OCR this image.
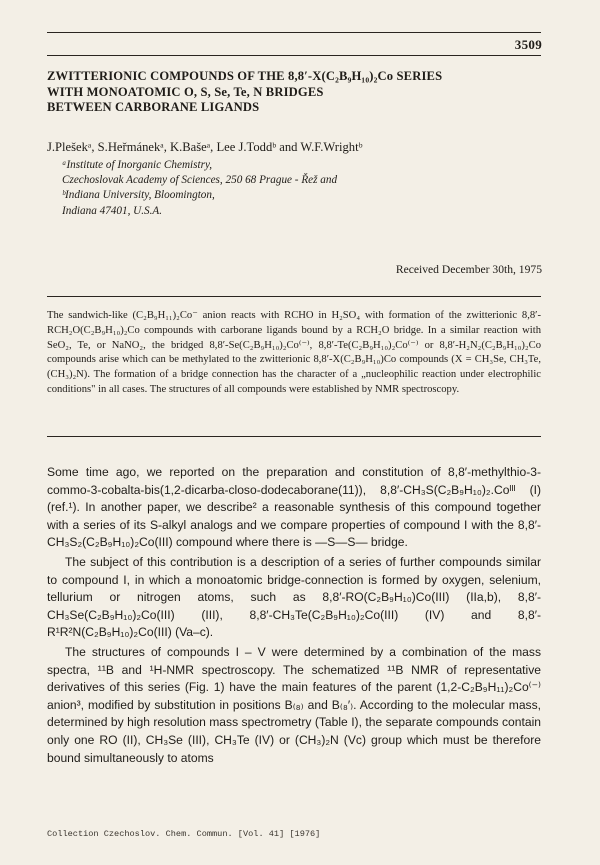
3509
ZWITTERIONIC COMPOUNDS OF THE 8,8′-X(C₂B₉H₁₀)₂Co SERIES
WITH MONOATOMIC O, S, Se, Te, N BRIDGES
BETWEEN CARBORANE LIGANDS
J.Plešekᵃ, S.Heřmánekᵃ, K.Bašeᵃ, Lee J.Toddᵇ and W.F.Wrightᵇ
ᵃInstitute of Inorganic Chemistry,
Czechoslovak Academy of Sciences, 250 68 Prague - Řež and
ᵇIndiana University, Bloomington,
Indiana 47401, U.S.A.
Received December 30th, 1975
The sandwich-like (C₂B₉H₁₁)₂Co⁻ anion reacts with RCHO in H₂SO₄ with formation of the zwitterionic 8,8′-RCH₂O(C₂B₉H₁₀)₂Co compounds with carborane ligands bound by a RCH₂O bridge. In a similar reaction with SeO₂, Te, or NaNO₂, the bridged 8,8′-Se(C₂B₉H₁₀)₂Co⁽⁻⁾, 8,8′-Te(C₂B₉H₁₀)₂Co⁽⁻⁾ or 8,8′-H₂N₂(C₂B₉H₁₀)₂Co compounds arise which can be methylated to the zwitterionic 8,8′-X(C₂B₉H₁₀)Co compounds (X = CH₃Se, CH₃Te, (CH₃)₂N). The formation of a bridge connection has the character of a „nucleophilic reaction under electrophilic conditions" in all cases. The structures of all compounds were established by NMR spectroscopy.

Some time ago, we reported on the preparation and constitution of 8,8′-methylthio-3-commo-3-cobalta-bis(1,2-dicarba-closo-dodecaborane(11)), 8,8′-CH₃S(C₂B₉H₁₀)₂.Coᴵᴵᴵ (I) (ref.¹). In another paper, we describe² a reasonable synthesis of this compound together with a series of its S-alkyl analogs and we compare properties of compound I with the 8,8′-CH₃S₂(C₂B₉H₁₀)₂Co(III) compound where there is —S—S— bridge.

The subject of this contribution is a description of a series of further compounds similar to compound I, in which a monoatomic bridge-connection is formed by oxygen, selenium, tellurium or nitrogen atoms, such as 8,8′-RO(C₂B₉H₁₀)Co(III) (IIa,b), 8,8′-CH₃Se(C₂B₉H₁₀)₂Co(III) (III), 8,8′-CH₃Te(C₂B₉H₁₀)₂Co(III) (IV) and 8,8′-R¹R²N(C₂B₉H₁₀)₂Co(III) (Va–c).

The structures of compounds I – V were determined by a combination of the mass spectra, ¹¹B and ¹H-NMR spectroscopy. The schematized ¹¹B NMR of representative derivatives of this series (Fig. 1) have the main features of the parent (1,2-C₂B₉H₁₁)₂Co⁽⁻⁾ anion³, modified by substitution in positions B₍₈₎ and B₍₈′₎. According to the molecular mass, determined by high resolution mass spectrometry (Table I), the separate compounds contain only one RO (II), CH₃Se (III), CH₃Te (IV) or (CH₃)₂N (Vc) group which must be therefore bound simultaneously to atoms

Collection Czechoslov. Chem. Commun. [Vol. 41] [1976]
